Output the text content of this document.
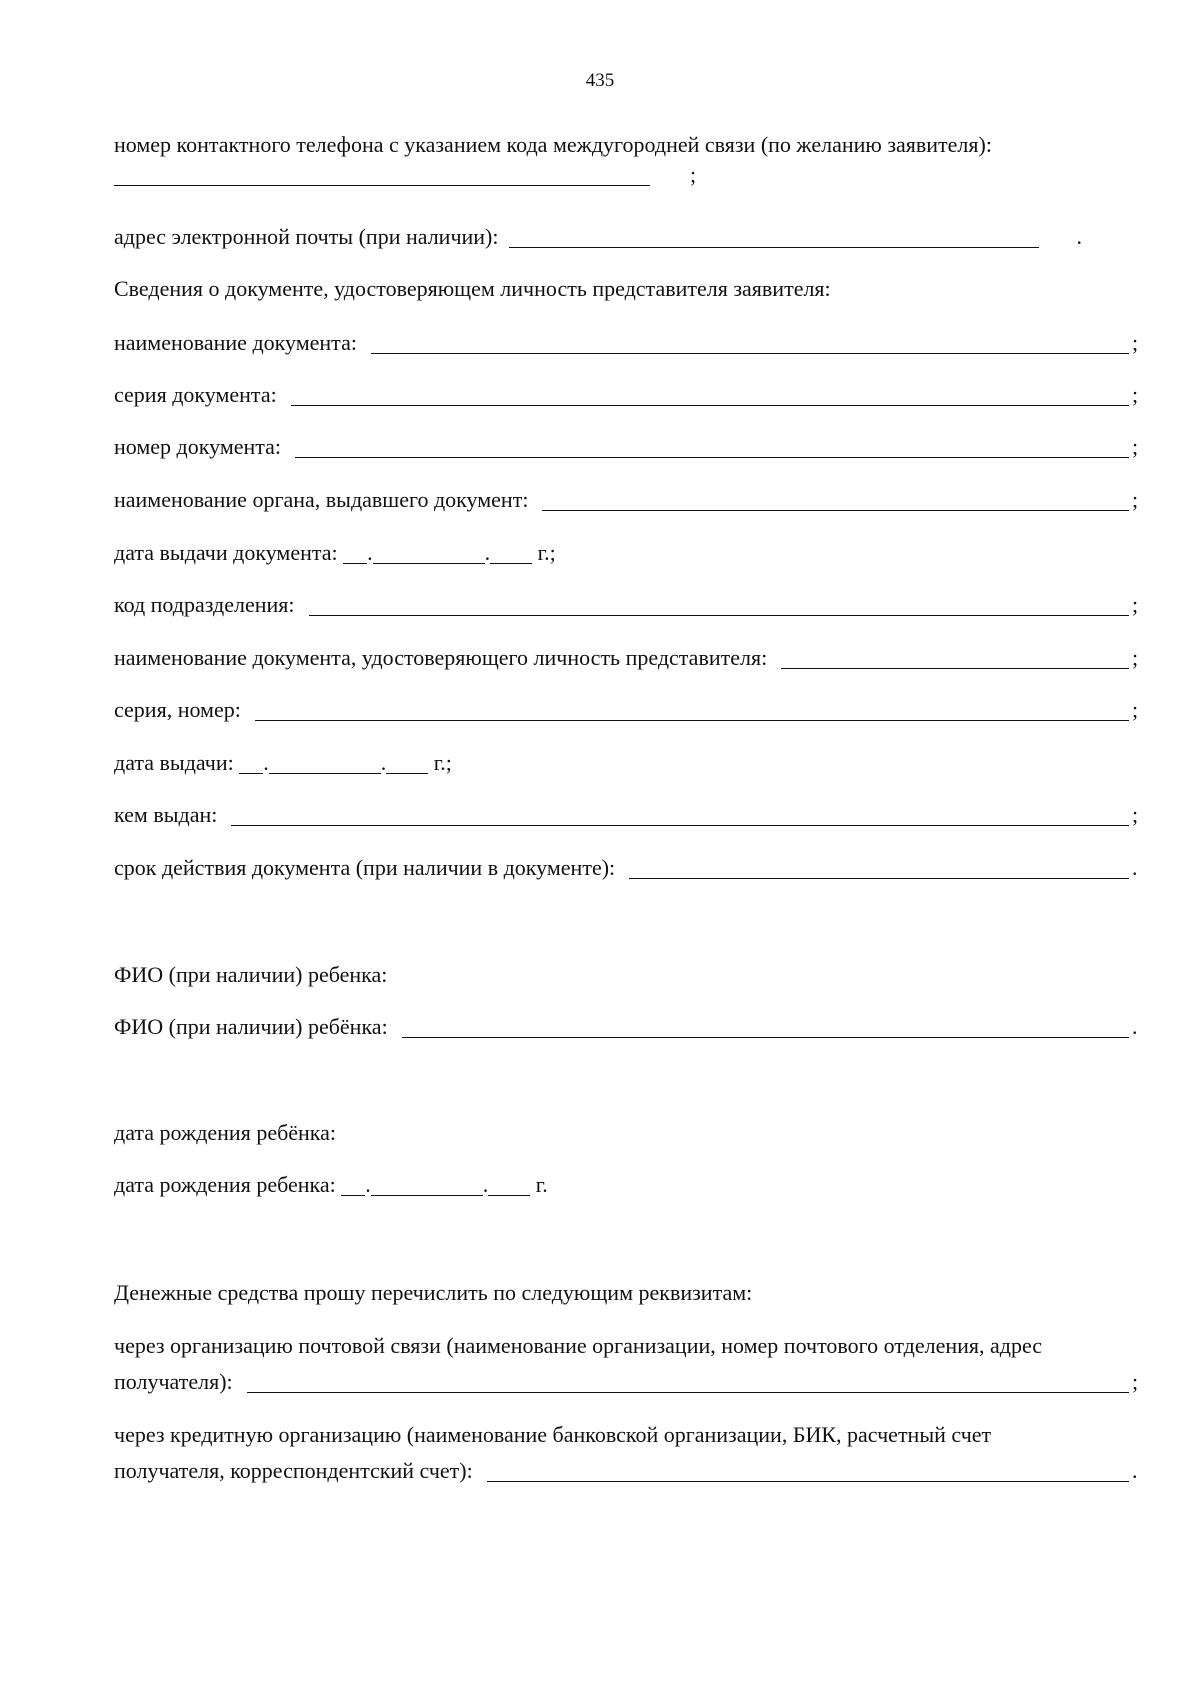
435
номер контактного телефона с указанием кода междугородней связи (по желанию заявителя):
;
адрес электронной почты (при наличии):	.
Сведения о документе, удостоверяющем личность представителя заявителя:
наименование документа:	;
серия документа:	;
номер документа:	;
наименование органа, выдавшего документ:	;
дата выдачи документа: .	. г.;
код подразделения:	;
наименование документа, удостоверяющего личность представителя:	;
серия, номер:	;
дата выдачи: .	. г.;
кем выдан:	;
срок действия документа (при наличии в документе):	.
ФИО (при наличии) ребенка:
ФИО (при наличии) ребёнка:	.
дата рождения ребёнка:
дата рождения ребенка: .	. г.
Денежные средства прошу перечислить по следующим реквизитам:
через организацию почтовой связи (наименование организации, номер почтового отделения, адрес
получателя):	;
через кредитную организацию (наименование банковской организации, БИК, расчетный счет
получателя, корреспондентский счет):	.
